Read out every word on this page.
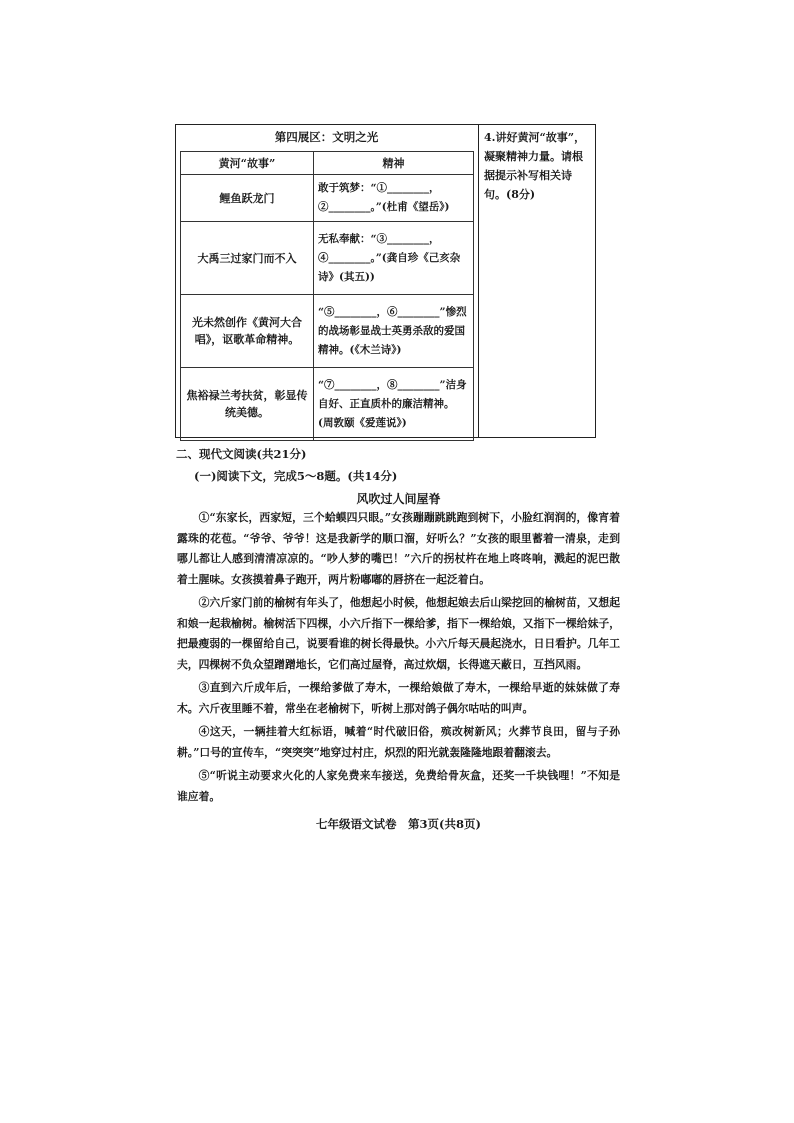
第四展区：文明之光
黄河“故事”	精神
鲤鱼跃龙门	敢于筑梦：“①________，②________。”(杜甫《望岳》)
大禹三过家门而不入	无私奉献：“③________，④________。”(龚自珍《己亥杂诗》(其五))
光未然创作《黄河大合唱》，讴歌革命精神。	“⑤________，⑥________”惨烈的战场彰显战士英勇杀敌的爱国精神。(《木兰诗》)
焦裕禄兰考扶贫，彰显传统美德。	“⑦________，⑧________”洁身自好、正直质朴的廉洁精神。(周敦颐《爱莲说》)
4.讲好黄河“故事”，凝聚精神力量。请根据提示补写相关诗句。(8分)
二、现代文阅读(共21分)
(一)阅读下文，完成5～8题。(共14分)
风吹过人间屋脊

①“东家长，西家短，三个蛤蟆四只眼。”女孩蹦蹦跳跳跑到树下，小脸红润润的，像宵着露珠的花苞。“爷爷、爷爷！这是我新学的顺口溜，好听么？”女孩的眼里蓄着一清泉，走到哪儿都让人感到清清凉凉的。“吵人梦的嘴巴！”六斤的拐杖杵在地上咚咚响，溅起的泥巴散着土腥味。女孩摸着鼻子跑开，两片粉嘟嘟的唇挤在一起泛着白。

②六斤家门前的榆树有年头了，他想起小时候，他想起娘去后山梁挖回的榆树苗，又想起和娘一起栽榆树。榆树活下四棵，小六斤指下一棵给爹，指下一棵给娘，又指下一棵给妹子，把最瘦弱的一棵留给自己，说要看谁的树长得最快。小六斤每天晨起浇水，日日看护。几年工夫，四棵树不负众望蹭蹭地长，它们高过屋脊，高过炊烟，长得遮天蔽日，互挡风雨。

③直到六斤成年后，一棵给爹做了寿木，一棵给娘做了寿木，一棵给早逝的妹妹做了寿木。六斤夜里睡不着，常坐在老榆树下，听树上那对鸽子偶尔咕咕的叫声。

④这天，一辆挂着大红标语，喊着“时代破旧俗，殡改树新风；火葬节良田，留与子孙耕。”口号的宣传车，“突突突”地穿过村庄，炽烈的阳光就轰隆隆地跟着翻滚去。

⑤“听说主动要求火化的人家免费来车接送，免费给骨灰盒，还奖一千块钱哩！”不知是谁应着。

七年级语文试卷　第3页(共8页)
